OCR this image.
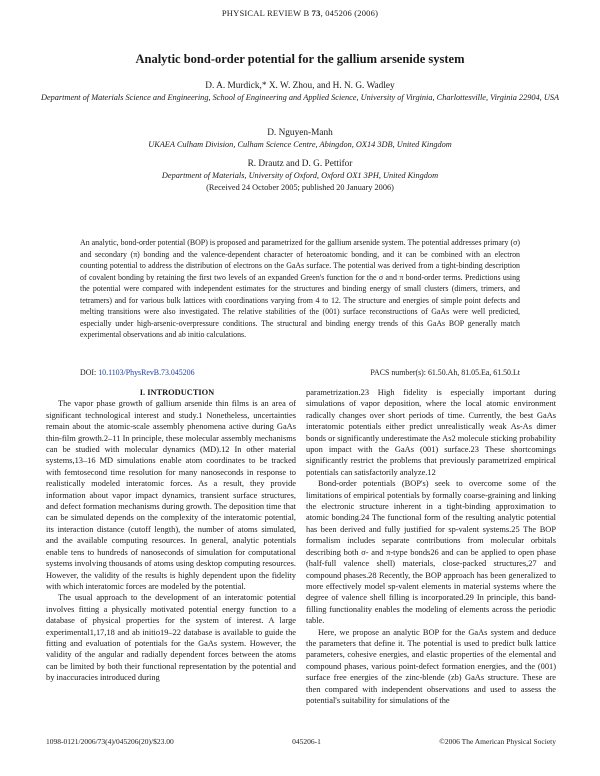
PHYSICAL REVIEW B 73, 045206 (2006)
Analytic bond-order potential for the gallium arsenide system
D. A. Murdick,* X. W. Zhou, and H. N. G. Wadley
Department of Materials Science and Engineering, School of Engineering and Applied Science, University of Virginia, Charlottesville, Virginia 22904, USA
D. Nguyen-Manh
UKAEA Culham Division, Culham Science Centre, Abingdon, OX14 3DB, United Kingdom
R. Drautz and D. G. Pettifor
Department of Materials, University of Oxford, Oxford OX1 3PH, United Kingdom
(Received 24 October 2005; published 20 January 2006)
An analytic, bond-order potential (BOP) is proposed and parametrized for the gallium arsenide system. The potential addresses primary (σ) and secondary (π) bonding and the valence-dependent character of heteroatomic bonding, and it can be combined with an electron counting potential to address the distribution of electrons on the GaAs surface. The potential was derived from a tight-binding description of covalent bonding by retaining the first two levels of an expanded Green's function for the σ and π bond-order terms. Predictions using the potential were compared with independent estimates for the structures and binding energy of small clusters (dimers, trimers, and tetramers) and for various bulk lattices with coordinations varying from 4 to 12. The structure and energies of simple point defects and melting transitions were also investigated. The relative stabilities of the (001) surface reconstructions of GaAs were well predicted, especially under high-arsenic-overpressure conditions. The structural and binding energy trends of this GaAs BOP generally match experimental observations and ab initio calculations.
DOI: 10.1103/PhysRevB.73.045206	PACS number(s): 61.50.Ah, 81.05.Ea, 61.50.Lt

I. INTRODUCTION

The vapor phase growth of gallium arsenide thin films is an area of significant technological interest and study.1 Nonetheless, uncertainties remain about the atomic-scale assembly phenomena active during GaAs thin-film growth.2–11 In principle, these molecular assembly mechanisms can be studied with molecular dynamics (MD).12 In other material systems,13–16 MD simulations enable atom coordinates to be tracked with femtosecond time resolution for many nanoseconds in response to realistically modeled interatomic forces. As a result, they provide information about vapor impact dynamics, transient surface structures, and defect formation mechanisms during growth. The deposition time that can be simulated depends on the complexity of the interatomic potential, its interaction distance (cutoff length), the number of atoms simulated, and the available computing resources. In general, analytic potentials enable tens to hundreds of nanoseconds of simulation for computational systems involving thousands of atoms using desktop computing resources. However, the validity of the results is highly dependent upon the fidelity with which interatomic forces are modeled by the potential.

The usual approach to the development of an interatomic potential involves fitting a physically motivated potential energy function to a database of physical properties for the system of interest. A large experimental1,17,18 and ab initio19–22 database is available to guide the fitting and evaluation of potentials for the GaAs system. However, the validity of the angular and radially dependent forces between the atoms can be limited by both their functional representation by the potential and by inaccuracies introduced during

parametrization.23 High fidelity is especially important during simulations of vapor deposition, where the local atomic environment radically changes over short periods of time. Currently, the best GaAs interatomic potentials either predict unrealistically weak As-As dimer bonds or significantly underestimate the As2 molecule sticking probability upon impact with the GaAs (001) surface.23 These shortcomings significantly restrict the problems that previously parametrized empirical potentials can satisfactorily analyze.12

Bond-order potentials (BOP's) seek to overcome some of the limitations of empirical potentials by formally coarse-graining and linking the electronic structure inherent in a tight-binding approximation to atomic bonding.24 The functional form of the resulting analytic potential has been derived and fully justified for sp-valent systems.25 The BOP formalism includes separate contributions from molecular orbitals describing both σ- and π-type bonds26 and can be applied to open phase (half-full valence shell) materials, close-packed structures,27 and compound phases.28 Recently, the BOP approach has been generalized to more effectively model sp-valent elements in material systems where the degree of valence shell filling is incorporated.29 In principle, this band-filling functionality enables the modeling of elements across the periodic table.

Here, we propose an analytic BOP for the GaAs system and deduce the parameters that define it. The potential is used to predict bulk lattice parameters, cohesive energies, and elastic properties of the elemental and compound phases, various point-defect formation energies, and the (001) surface free energies of the zinc-blende (zb) GaAs structure. These are then compared with independent observations and used to assess the potential's suitability for simulations of the

1098-0121/2006/73(4)/045206(20)/$23.00	045206-1	©2006 The American Physical Society
